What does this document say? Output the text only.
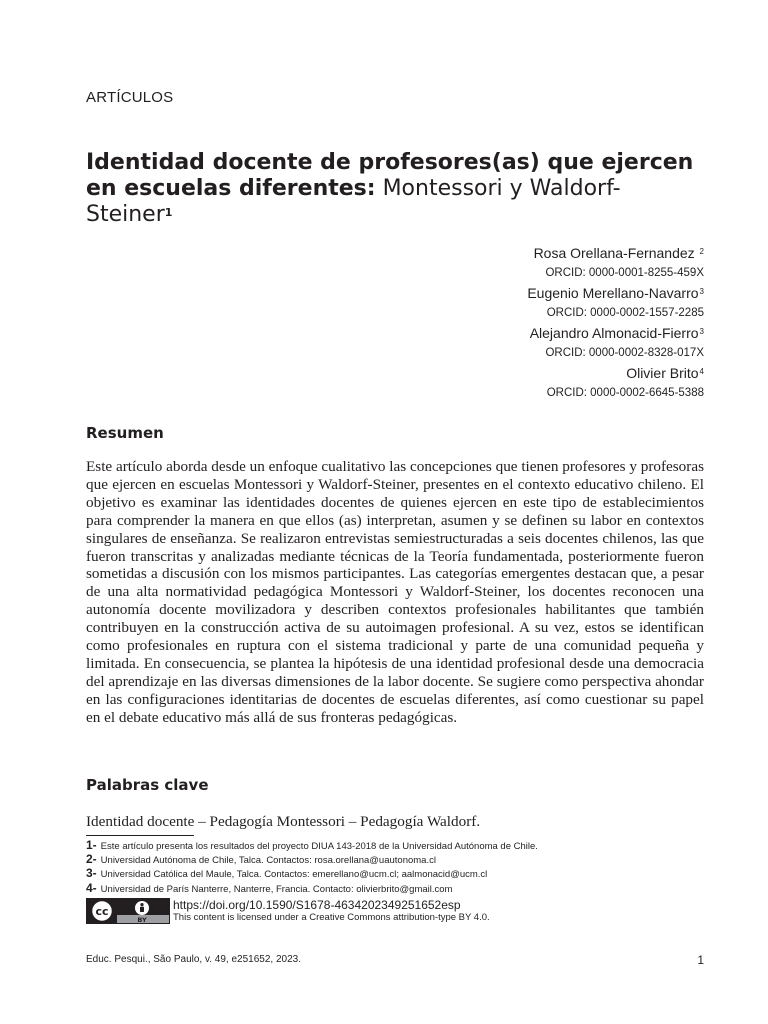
ARTÍCULOS
Identidad docente de profesores(as) que ejercen en escuelas diferentes: Montessori y Waldorf-Steiner$^1$
Rosa Orellana-Fernandez $^2$
ORCID: 0000-0001-8255-459X
Eugenio Merellano-Navarro$^3$
ORCID: 0000-0002-1557-2285
Alejandro Almonacid-Fierro$^3$
ORCID: 0000-0002-8328-017X
Olivier Brito$^4$
ORCID: 0000-0002-6645-5388
Resumen

Este artículo aborda desde un enfoque cualitativo las concepciones que tienen profesores y profesoras que ejercen en escuelas Montessori y Waldorf-Steiner, presentes en el contexto educativo chileno. El objetivo es examinar las identidades docentes de quienes ejercen en este tipo de establecimientos para comprender la manera en que ellos (as) interpretan, asumen y se definen su labor en contextos singulares de enseñanza. Se realizaron entrevistas semiestructuradas a seis docentes chilenos, las que fueron transcritas y analizadas mediante técnicas de la Teoría fundamentada, posteriormente fueron sometidas a discusión con los mismos participantes. Las categorías emergentes destacan que, a pesar de una alta normatividad pedagógica Montessori y Waldorf-Steiner, los docentes reconocen una autonomía docente movilizadora y describen contextos profesionales habilitantes que también contribuyen en la construcción activa de su autoimagen profesional. A su vez, estos se identifican como profesionales en ruptura con el sistema tradicional y parte de una comunidad pequeña y limitada. En consecuencia, se plantea la hipótesis de una identidad profesional desde una democracia del aprendizaje en las diversas dimensiones de la labor docente. Se sugiere como perspectiva ahondar en las configuraciones identitarias de docentes de escuelas diferentes, así como cuestionar su papel en el debate educativo más allá de sus fronteras pedagógicas.

Palabras clave

Identidad docente – Pedagogía Montessori – Pedagogía Waldorf.

1- Este artículo presenta los resultados del proyecto DIUA 143-2018 de la Universidad Autónoma de Chile.
2- Universidad Autónoma de Chile, Talca. Contactos: rosa.orellana@uautonoma.cl
3- Universidad Católica del Maule, Talca. Contactos: emerellano@ucm.cl; aalmonacid@ucm.cl
4- Universidad de París Nanterre, Nanterre, Francia. Contacto: olivierbrito@gmail.com
cc
BY
https://doi.org/10.1590/S1678-4634202349251652esp
This content is licensed under a Creative Commons attribution-type BY 4.0.
Educ. Pesqui., São Paulo, v. 49, e251652, 2023.	1
